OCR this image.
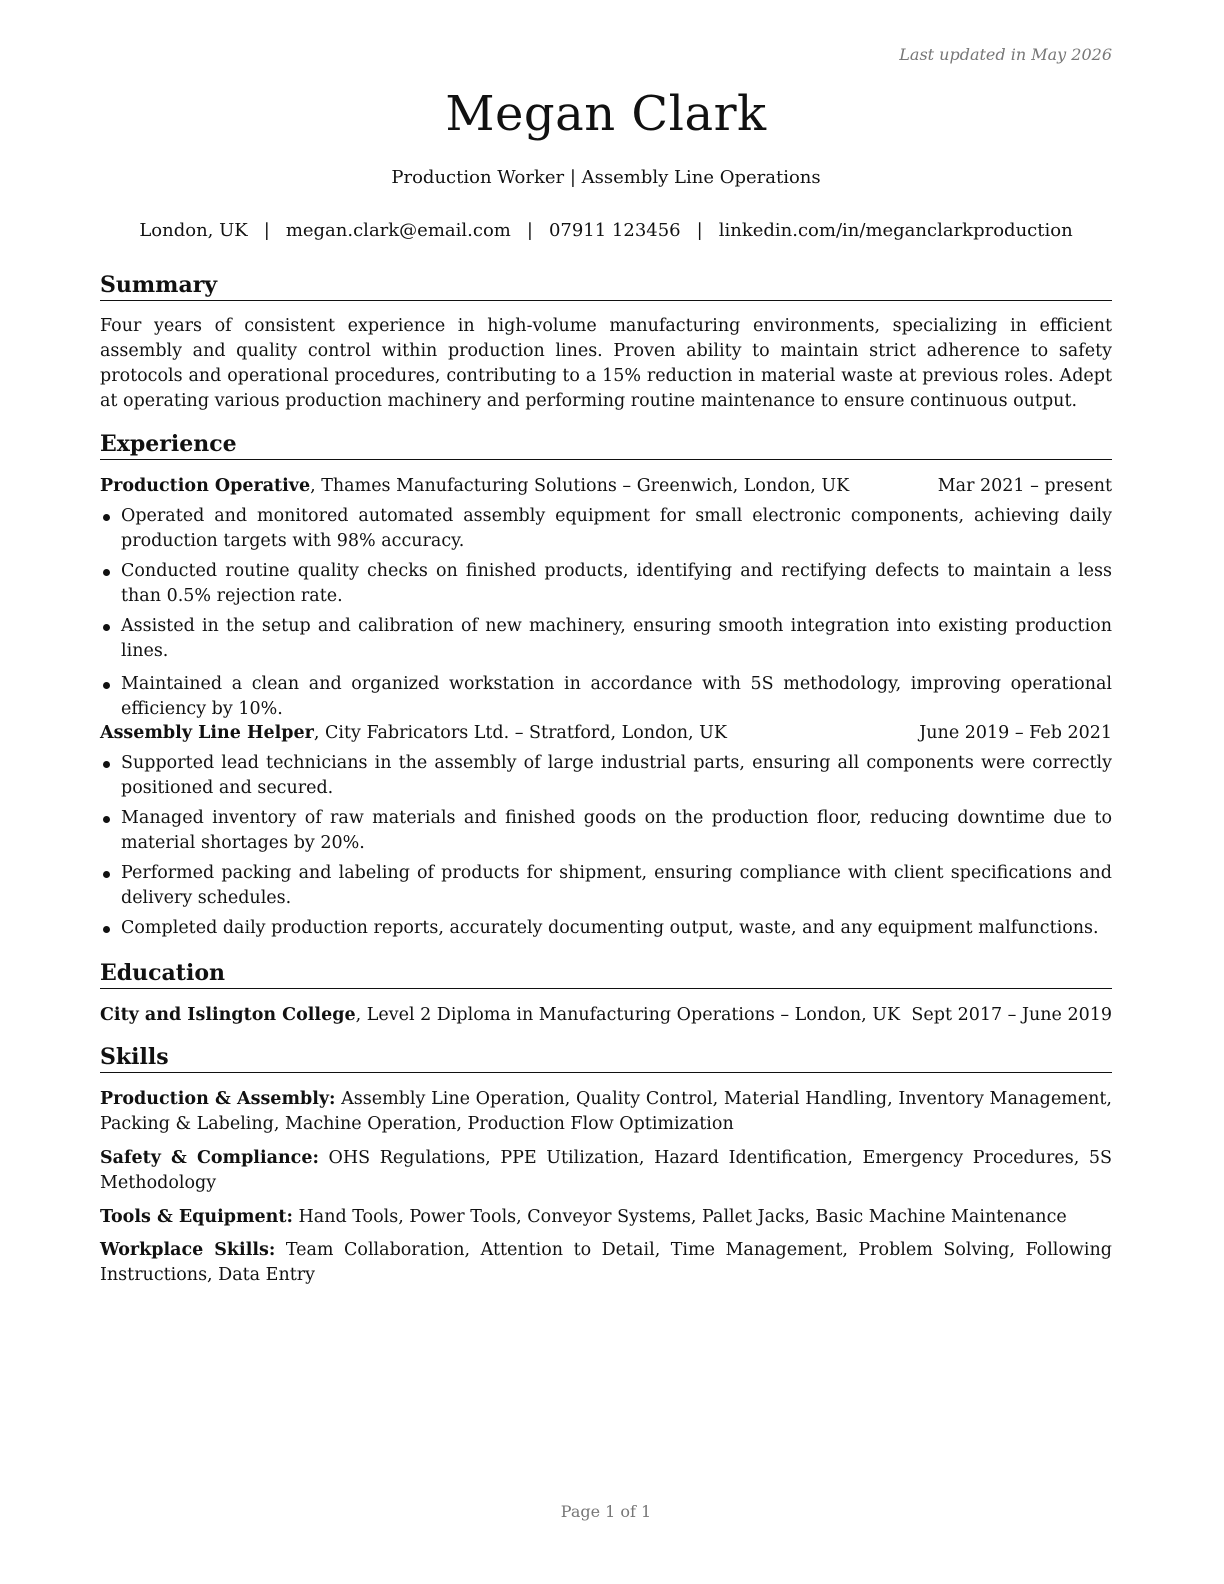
Last updated in May 2026
Megan Clark
Production Worker | Assembly Line Operations
London, UK | megan.clark@email.com | 07911 123456 | linkedin.com/in/meganclarkproduction
Summary

Four years of consistent experience in high-volume manufacturing environments, specializing in efficient assembly and quality control within production lines. Proven ability to maintain strict adherence to safety protocols and operational procedures, contributing to a 15% reduction in material waste at previous roles. Adept at operating various production machinery and performing routine maintenance to ensure continuous output.

Experience
Production Operative, Thames Manufacturing Solutions – Greenwich, London, UK	Mar 2021 – present
Operated and monitored automated assembly equipment for small electronic components, achieving daily production targets with 98% accuracy.
Conducted routine quality checks on finished products, identifying and rectifying defects to maintain a less than 0.5% rejection rate.
Assisted in the setup and calibration of new machinery, ensuring smooth integration into existing production lines.
Maintained a clean and organized workstation in accordance with 5S methodology, improving operational efficiency by 10%.
Assembly Line Helper, City Fabricators Ltd. – Stratford, London, UK	June 2019 – Feb 2021
Supported lead technicians in the assembly of large industrial parts, ensuring all components were correctly positioned and secured.
Managed inventory of raw materials and finished goods on the production floor, reducing downtime due to material shortages by 20%.
Performed packing and labeling of products for shipment, ensuring compliance with client specifications and delivery schedules.
Completed daily production reports, accurately documenting output, waste, and any equipment malfunctions.
Education
City and Islington College, Level 2 Diploma in Manufacturing Operations – London, UK Sept 2017 – June 2019
Skills

Production & Assembly: Assembly Line Operation, Quality Control, Material Handling, Inventory Management, Packing & Labeling, Machine Operation, Production Flow Optimization

Safety & Compliance: OHS Regulations, PPE Utilization, Hazard Identification, Emergency Procedures, 5S Methodology

Tools & Equipment: Hand Tools, Power Tools, Conveyor Systems, Pallet Jacks, Basic Machine Maintenance

Workplace Skills: Team Collaboration, Attention to Detail, Time Management, Problem Solving, Following Instructions, Data Entry

Page 1 of 1
